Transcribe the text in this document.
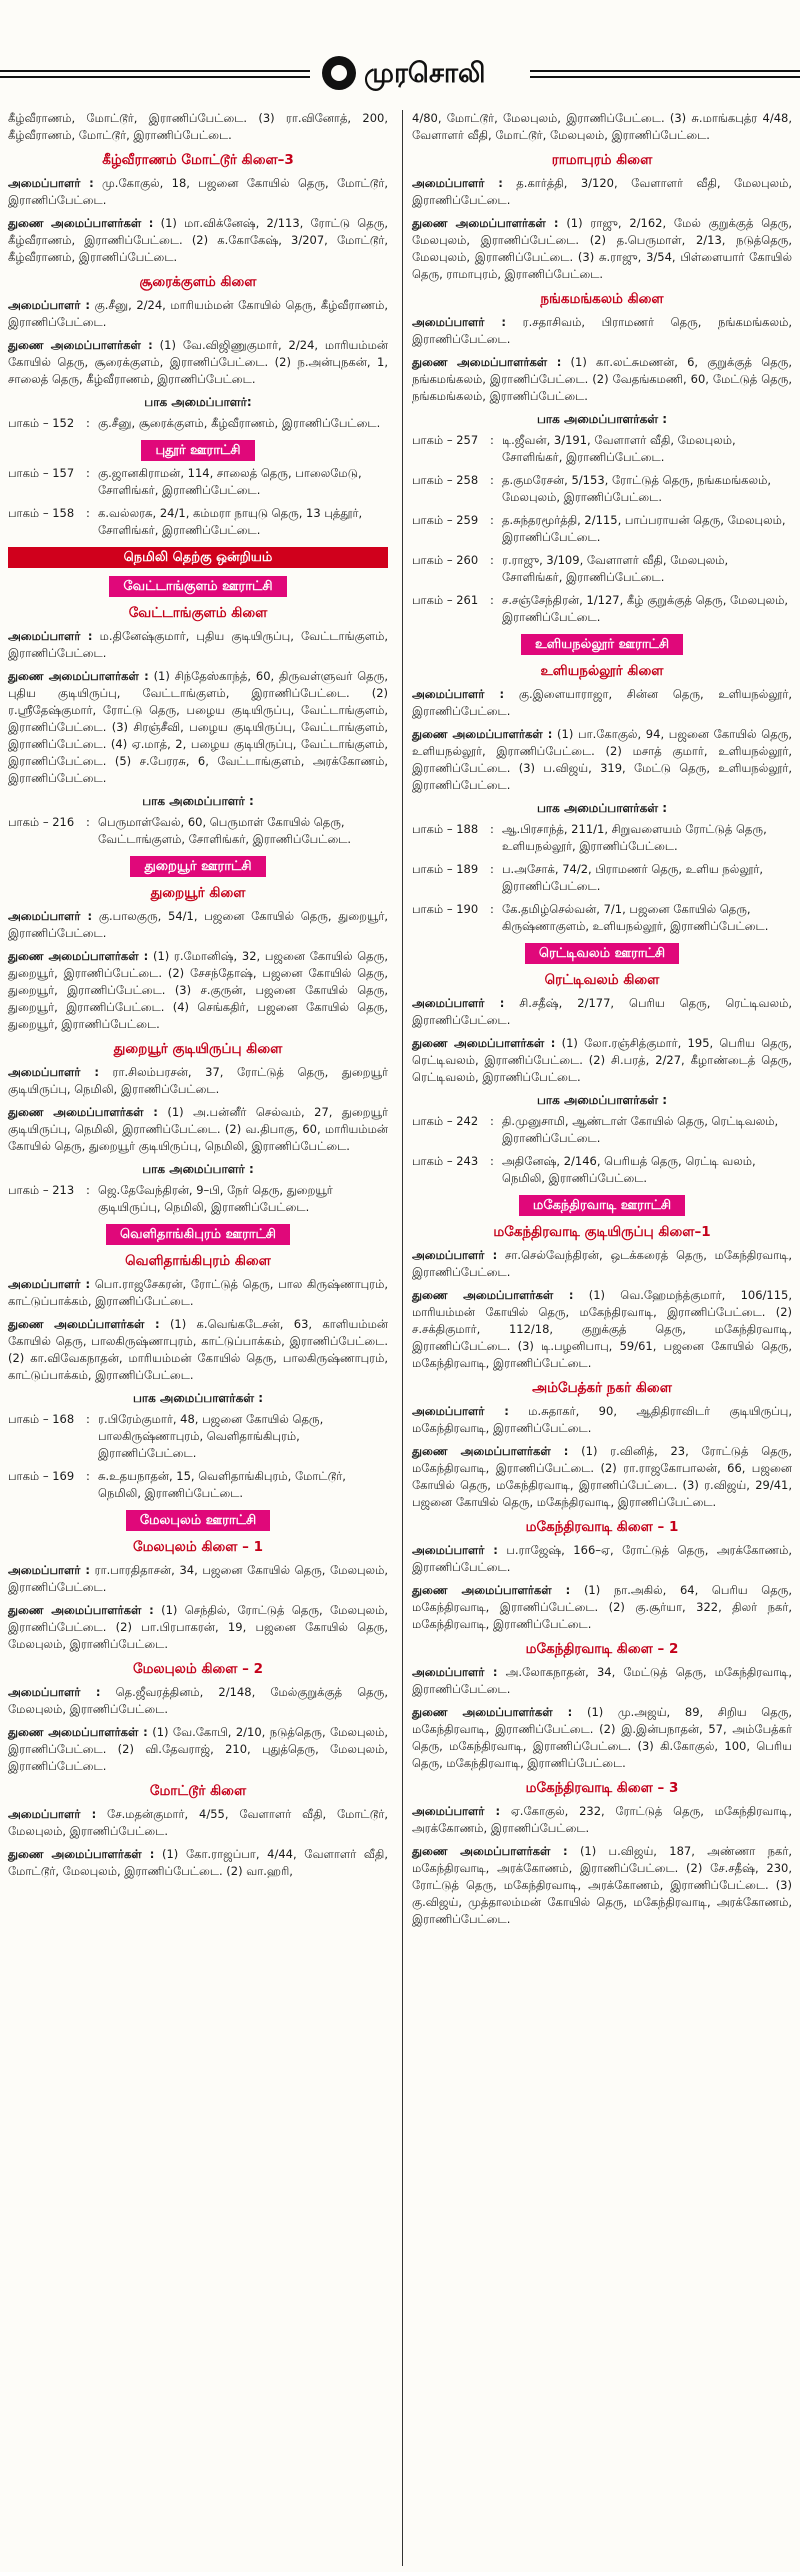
முரசொலி

கீழ்வீராணம், மோட்டூர், இராணிப்பேட்டை. (3) ரா.வினோத், 200, கீழ்வீராணம், மோட்டூர், இராணிப்பேட்டை.

கீழ்வீராணம் மோட்டூர் கிளை–3

அமைப்பாளர் : மு.கோகுல், 18, பஜனை கோயில் தெரு, மோட்டூர், இராணிப்பேட்டை.

துணை அமைப்பாளர்கள் : (1) மா.விக்னேஷ், 2/113, ரோட்டு தெரு, கீழ்வீராணம், இராணிப்பேட்டை. (2) க.கோகேஷ், 3/207, மோட்டூர், கீழ்வீராணம், இராணிப்பேட்டை.

சூரைக்குளம் கிளை

அமைப்பாளர் : கு.சீனு, 2/24, மாரியம்மன் கோயில் தெரு, கீழ்வீராணம், இராணிப்பேட்டை.

துணை அமைப்பாளர்கள் : (1) வே.விஜிணுகுமார், 2/24, மாரியம்மன் கோயில் தெரு, சூரைக்குளம், இராணிப்பேட்டை. (2) ந.அன்புநகன், 1, சாலைத் தெரு, கீழ்வீராணம், இராணிப்பேட்டை.

பாக அமைப்பாளர்:
பாகம் – 152	: கு.சீனு, சூரைக்குளம், கீழ்வீராணம், இராணிப்பேட்டை.
புதூர் ஊராட்சி
பாகம் – 157	: கு.ஜானகிராமன், 114, சாலைத் தெரு, பாலைமேடு, சோளிங்கர், இராணிப்பேட்டை.
பாகம் – 158	: க.வல்லரசு, 24/1, கம்மரா நாயுடு தெரு, 13 புத்தூர், சோளிங்கர், இராணிப்பேட்டை.
நெமிலி தெற்கு ஒன்றியம்
வேட்டாங்குளம் ஊராட்சி
வேட்டாங்குளம் கிளை

அமைப்பாளர் : ம.தினேஷ்குமார், புதிய குடியிருப்பு, வேட்டாங்குளம், இராணிப்பேட்டை.

துணை அமைப்பாளர்கள் : (1) சிந்தேஸ்காந்த், 60, திருவள்ளுவர் தெரு, புதிய குடியிருப்பு, வேட்டாங்குளம், இராணிப்பேட்டை. (2) ர.ஸ்ரீதேஷ்குமார், ரோட்டு தெரு, பழைய குடியிருப்பு, வேட்டாங்குளம், இராணிப்பேட்டை. (3) சிரஞ்சீவி, பழைய குடியிருப்பு, வேட்டாங்குளம், இராணிப்பேட்டை. (4) ஏ.மாத், 2, பழைய குடியிருப்பு, வேட்டாங்குளம், இராணிப்பேட்டை. (5) ச.பேரரசு, 6, வேட்டாங்குளம், அரக்கோணம், இராணிப்பேட்டை.

பாக அமைப்பாளர் :
பாகம் – 216	: பெருமாள்வேல், 60, பெருமாள் கோயில் தெரு, வேட்டாங்குளம், சோளிங்கர், இராணிப்பேட்டை.
துறையூர் ஊராட்சி
துறையூர் கிளை

அமைப்பாளர் : கு.பாலகுரு, 54/1, பஜனை கோயில் தெரு, துறையூர், இராணிப்பேட்டை.

துணை அமைப்பாளர்கள் : (1) ர.மோனிஷ், 32, பஜனை கோயில் தெரு, துறையூர், இராணிப்பேட்டை. (2) சேசந்தோஷ், பஜனை கோயில் தெரு, துறையூர், இராணிப்பேட்டை. (3) ச.குருன், பஜனை கோயில் தெரு, துறையூர், இராணிப்பேட்டை. (4) செங்கதிர், பஜனை கோயில் தெரு, துறையூர், இராணிப்பேட்டை.

துறையூர் குடியிருப்பு கிளை

அமைப்பாளர் : ரா.சிலம்பரசன், 37, ரோட்டுத் தெரு, துறையூர் குடியிருப்பு, நெமிலி, இராணிப்பேட்டை.

துணை அமைப்பாளர்கள் : (1) அ.பன்னீர் செல்வம், 27, துறையூர் குடியிருப்பு, நெமிலி, இராணிப்பேட்டை. (2) வ.திபாகு, 60, மாரியம்மன் கோயில் தெரு, துறையூர் குடியிருப்பு, நெமிலி, இராணிப்பேட்டை.

பாக அமைப்பாளர் :
பாகம் – 213	: ஜெ.தேவேந்திரன், 9–பி, நேர் தெரு, துறையூர் குடியிருப்பு, நெமிலி, இராணிப்பேட்டை.
வெளிதாங்கிபுரம் ஊராட்சி
வெளிதாங்கிபுரம் கிளை

அமைப்பாளர் : பொ.ராஜசேகரன், ரோட்டுத் தெரு, பால கிருஷ்ணாபுரம், காட்டுப்பாக்கம், இராணிப்பேட்டை.

துணை அமைப்பாளர்கள் : (1) க.வெங்கடேசன், 63, காளியம்மன் கோயில் தெரு, பாலகிருஷ்ணாபுரம், காட்டுப்பாக்கம், இராணிப்பேட்டை. (2) கா.விவேகநாதன், மாரியம்மன் கோயில் தெரு, பாலகிருஷ்ணாபுரம், காட்டுப்பாக்கம், இராணிப்பேட்டை.

பாக அமைப்பாளர்கள் :
பாகம் – 168	: ர.பிரேம்குமார், 48, பஜனை கோயில் தெரு, பாலகிருஷ்ணாபுரம், வெளிதாங்கிபுரம், இராணிப்பேட்டை.
பாகம் – 169	: சு.உதயநாதன், 15, வெளிதாங்கிபுரம், மோட்டூர், நெமிலி, இராணிப்பேட்டை.
மேலபுலம் ஊராட்சி
மேலபுலம் கிளை – 1

அமைப்பாளர் : ரா.பாரதிதாசன், 34, பஜனை கோயில் தெரு, மேலபுலம், இராணிப்பேட்டை.

துணை அமைப்பாளர்கள் : (1) செந்தில், ரோட்டுத் தெரு, மேலபுலம், இராணிப்பேட்டை. (2) பா.பிரபாகரன், 19, பஜனை கோயில் தெரு, மேலபுலம், இராணிப்பேட்டை.

மேலபுலம் கிளை – 2

அமைப்பாளர் : தெ.ஜீவரத்தினம், 2/148, மேல்குறுக்குத் தெரு, மேலபுலம், இராணிப்பேட்டை.

துணை அமைப்பாளர்கள் : (1) வே.கோபி, 2/10, நடுத்தெரு, மேலபுலம், இராணிப்பேட்டை. (2) வி.தேவராஜ், 210, புதுத்தெரு, மேலபுலம், இராணிப்பேட்டை.

மோட்டூர் கிளை

அமைப்பாளர் : சே.மதன்குமார், 4/55, வேளாளர் வீதி, மோட்டூர், மேலபுலம், இராணிப்பேட்டை.

துணை அமைப்பாளர்கள் : (1) கோ.ராஜப்பா, 4/44, வேளாளர் வீதி, மோட்டூர், மேலபுலம், இராணிப்பேட்டை. (2) வா.ஹரி,

4/80, மோட்டூர், மேலபுலம், இராணிப்பேட்டை. (3) சு.மாங்கபுத்ர 4/48, வேளாளர் வீதி, மோட்டூர், மேலபுலம், இராணிப்பேட்டை.

ராமாபுரம் கிளை

அமைப்பாளர் : த.கார்த்தி, 3/120, வேளாளர் வீதி, மேலபுலம், இராணிப்பேட்டை.

துணை அமைப்பாளர்கள் : (1) ராஜு, 2/162, மேல் குறுக்குத் தெரு, மேலபுலம், இராணிப்பேட்டை. (2) த.பெருமாள், 2/13, நடுத்தெரு, மேலபுலம், இராணிப்பேட்டை. (3) சு.ராஜு, 3/54, பிள்ளையார் கோயில் தெரு, ராமாபுரம், இராணிப்பேட்டை.

நங்கமங்கலம் கிளை

அமைப்பாளர் : ர.சதாசிவம், பிராமணர் தெரு, நங்கமங்கலம், இராணிப்பேட்டை.

துணை அமைப்பாளர்கள் : (1) கா.லட்சுமணன், 6, குறுக்குத் தெரு, நங்கமங்கலம், இராணிப்பேட்டை. (2) வேதங்கமணி, 60, மேட்டுத் தெரு, நங்கமங்கலம், இராணிப்பேட்டை.

பாக அமைப்பாளர்கள் :
பாகம் – 257	: டி.ஜீவன், 3/191, வேளாளர் வீதி, மேலபுலம், சோளிங்கர், இராணிப்பேட்டை.
பாகம் – 258	: த.குமரேசன், 5/153, ரோட்டுத் தெரு, நங்கமங்கலம், மேலபுலம், இராணிப்பேட்டை.
பாகம் – 259	: த.சுந்தரமூர்த்தி, 2/115, பாப்பராயன் தெரு, மேலபுலம், இராணிப்பேட்டை.
பாகம் – 260	: ர.ராஜு, 3/109, வேளாளர் வீதி, மேலபுலம், சோளிங்கர், இராணிப்பேட்டை.
பாகம் – 261	: ச.சஞ்சேந்திரன், 1/127, கீழ் குறுக்குத் தெரு, மேலபுலம், இராணிப்பேட்டை.
உளியநல்லூர் ஊராட்சி
உளியநல்லூர் கிளை

அமைப்பாளர் : கு.இளையாராஜா, சின்ன தெரு, உளியநல்லூர், இராணிப்பேட்டை.

துணை அமைப்பாளர்கள் : (1) பா.கோகுல், 94, பஜனை கோயில் தெரு, உளியநல்லூர், இராணிப்பேட்டை. (2) மசாத் குமார், உளியநல்லூர், இராணிப்பேட்டை. (3) ப.விஜய், 319, மேட்டு தெரு, உளியநல்லூர், இராணிப்பேட்டை.

பாக அமைப்பாளர்கள் :
பாகம் – 188	: ஆ.பிரசாந்த், 211/1, சிறுவளையம் ரோட்டுத் தெரு, உளியநல்லூர், இராணிப்பேட்டை.
பாகம் – 189	: ப.அசோக், 74/2, பிராமணர் தெரு, உளிய நல்லூர், இராணிப்பேட்டை.
பாகம் – 190	: கே.தமிழ்செல்வன், 7/1, பஜனை கோயில் தெரு, கிருஷ்ணாகுளம், உளியநல்லூர், இராணிப்பேட்டை.
ரெட்டிவலம் ஊராட்சி
ரெட்டிவலம் கிளை

அமைப்பாளர் : சி.சதீஷ், 2/177, பெரிய தெரு, ரெட்டிவலம், இராணிப்பேட்டை.

துணை அமைப்பாளர்கள் : (1) லோ.ரஞ்சித்குமார், 195, பெரிய தெரு, ரெட்டிவலம், இராணிப்பேட்டை. (2) சி.பரத், 2/27, கீழாண்டைத் தெரு, ரெட்டிவலம், இராணிப்பேட்டை.

பாக அமைப்பாளர்கள் :
பாகம் – 242	: தி.முனுசாமி, ஆண்டாள் கோயில் தெரு, ரெட்டிவலம், இராணிப்பேட்டை.
பாகம் – 243	: அதினேஷ், 2/146, பெரியத் தெரு, ரெட்டி வலம், நெமிலி, இராணிப்பேட்டை.
மகேந்திரவாடி ஊராட்சி
மகேந்திரவாடி குடியிருப்பு கிளை–1

அமைப்பாளர் : சா.செல்வேந்திரன், ஒடக்கரைத் தெரு, மகேந்திரவாடி, இராணிப்பேட்டை.

துணை அமைப்பாளர்கள் : (1) வெ.ஹேமந்த்குமார், 106/115, மாரியம்மன் கோயில் தெரு, மகேந்திரவாடி, இராணிப்பேட்டை. (2) ச.சக்திகுமார், 112/18, குறுக்குத் தெரு, மகேந்திரவாடி, இராணிப்பேட்டை. (3) டி.பழனிபாபு, 59/61, பஜனை கோயில் தெரு, மகேந்திரவாடி, இராணிப்பேட்டை.

அம்பேத்கர் நகர் கிளை

அமைப்பாளர் : ம.சுதாகர், 90, ஆதிதிராவிடர் குடியிருப்பு, மகேந்திரவாடி, இராணிப்பேட்டை.

துணை அமைப்பாளர்கள் : (1) ர.வினித், 23, ரோட்டுத் தெரு, மகேந்திரவாடி, இராணிப்பேட்டை. (2) ரா.ராஜகோபாலன், 66, பஜனை கோயில் தெரு, மகேந்திரவாடி, இராணிப்பேட்டை. (3) ர.விஜய், 29/41, பஜனை கோயில் தெரு, மகேந்திரவாடி, இராணிப்பேட்டை.

மகேந்திரவாடி கிளை – 1

அமைப்பாளர் : ப.ராஜேஷ், 166–ஏ, ரோட்டுத் தெரு, அரக்கோணம், இராணிப்பேட்டை.

துணை அமைப்பாளர்கள் : (1) நா.அகில், 64, பெரிய தெரு, மகேந்திரவாடி, இராணிப்பேட்டை. (2) கு.சூர்யா, 322, திலர் நகர், மகேந்திரவாடி, இராணிப்பேட்டை.

மகேந்திரவாடி கிளை – 2

அமைப்பாளர் : அ.லோகநாதன், 34, மேட்டுத் தெரு, மகேந்திரவாடி, இராணிப்பேட்டை.

துணை அமைப்பாளர்கள் : (1) மு.அஜய், 89, சிறிய தெரு, மகேந்திரவாடி, இராணிப்பேட்டை. (2) இ.இன்பநாதன், 57, அம்பேத்கர் தெரு, மகேந்திரவாடி, இராணிப்பேட்டை. (3) கி.கோகுல், 100, பெரிய தெரு, மகேந்திரவாடி, இராணிப்பேட்டை.

மகேந்திரவாடி கிளை – 3

அமைப்பாளர் : ஏ.கோகுல், 232, ரோட்டுத் தெரு, மகேந்திரவாடி, அரக்கோணம், இராணிப்பேட்டை.

துணை அமைப்பாளர்கள் : (1) ப.விஜய், 187, அண்ணா நகர், மகேந்திரவாடி, அரக்கோணம், இராணிப்பேட்டை. (2) சே.சதீஷ், 230, ரோட்டுத் தெரு, மகேந்திரவாடி, அரக்கோணம், இராணிப்பேட்டை. (3) கு.விஜய், முத்தாலம்மன் கோயில் தெரு, மகேந்திரவாடி, அரக்கோணம், இராணிப்பேட்டை.
